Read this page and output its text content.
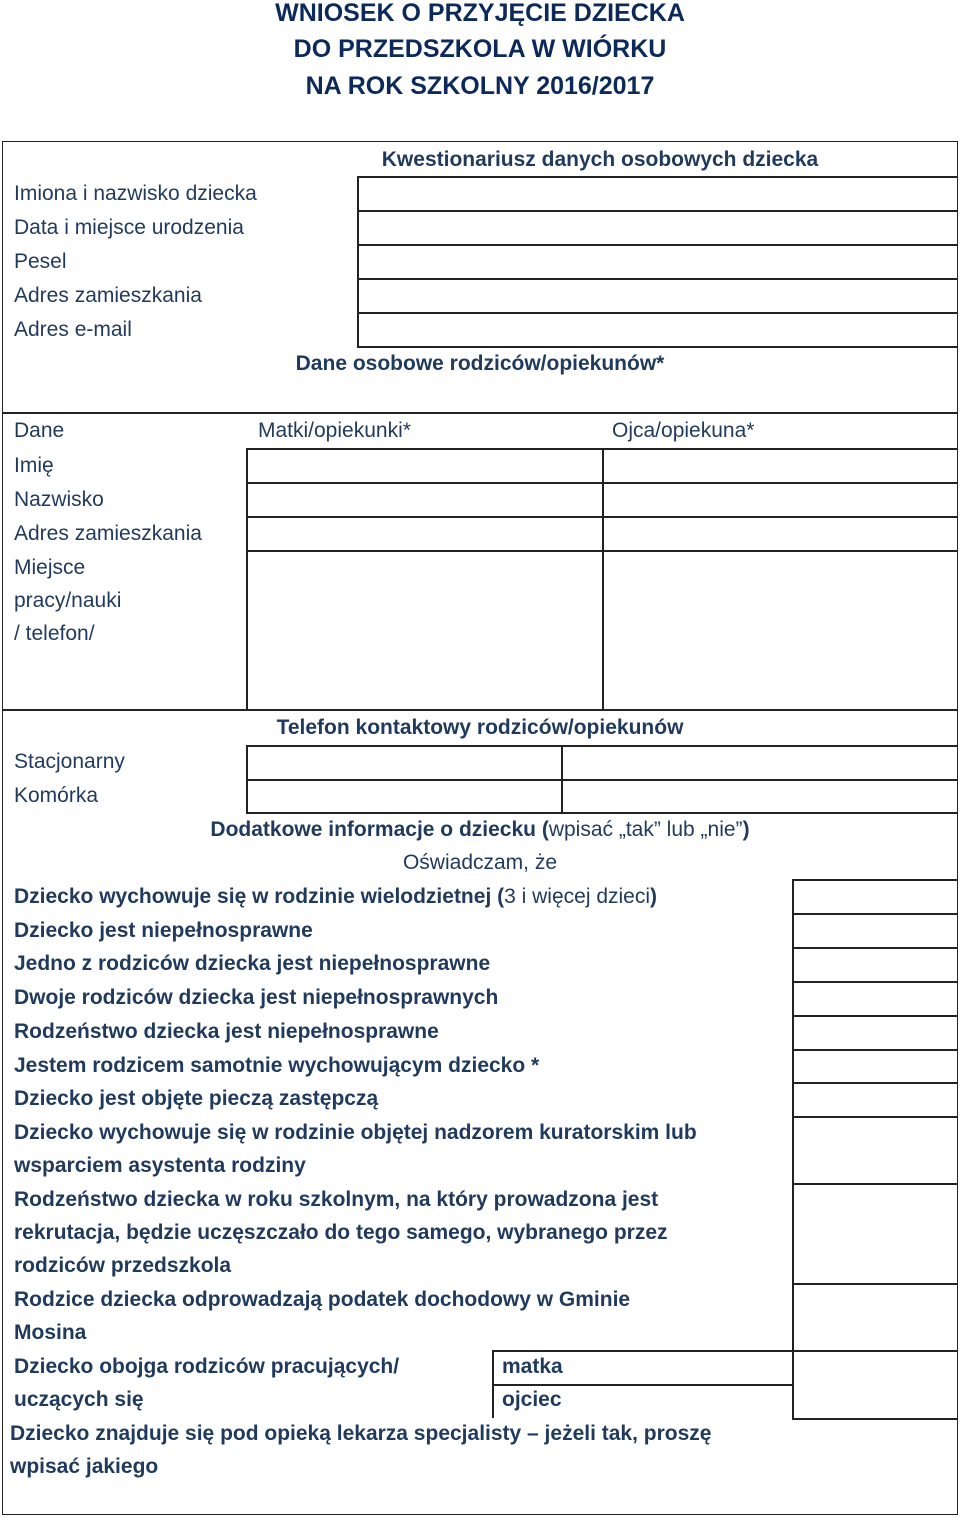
WNIOSEK O PRZYJĘCIE DZIECKA
DO PRZEDSZKOLA W WIÓRKU
NA ROK SZKOLNY 2016/2017
Kwestionariusz danych osobowych dziecka
Imiona i nazwisko dziecka
Data i miejsce urodzenia
Pesel
Adres zamieszkania
Adres e-mail
Dane osobowe rodziców/opiekunów*
Dane	Matki/opiekunki*	Ojca/opiekuna*
Imię
Nazwisko
Adres zamieszkania
Miejsce
pracy/nauki
/ telefon/
Telefon kontaktowy rodziców/opiekunów
Stacjonarny
Komórka
Dodatkowe informacje o dziecku (wpisać „tak” lub „nie”)
Oświadczam, że
Dziecko wychowuje się w rodzinie wielodzietnej (3 i więcej dzieci)
Dziecko jest niepełnosprawne
Jedno z rodziców dziecka jest niepełnosprawne
Dwoje rodziców dziecka jest niepełnosprawnych
Rodzeństwo dziecka jest niepełnosprawne
Jestem rodzicem samotnie wychowującym dziecko *
Dziecko jest objęte pieczą zastępczą
Dziecko wychowuje się w rodzinie objętej nadzorem kuratorskim lub
wsparciem asystenta rodziny
Rodzeństwo dziecka w roku szkolnym, na który prowadzona jest
rekrutacja, będzie uczęszczało do tego samego, wybranego przez
rodziców przedszkola
Rodzice dziecka odprowadzają podatek dochodowy w Gminie
Mosina
Dziecko obojga rodziców pracujących/
uczących się
matka
ojciec
Dziecko znajduje się pod opieką lekarza specjalisty – jeżeli tak, proszę
wpisać jakiego
